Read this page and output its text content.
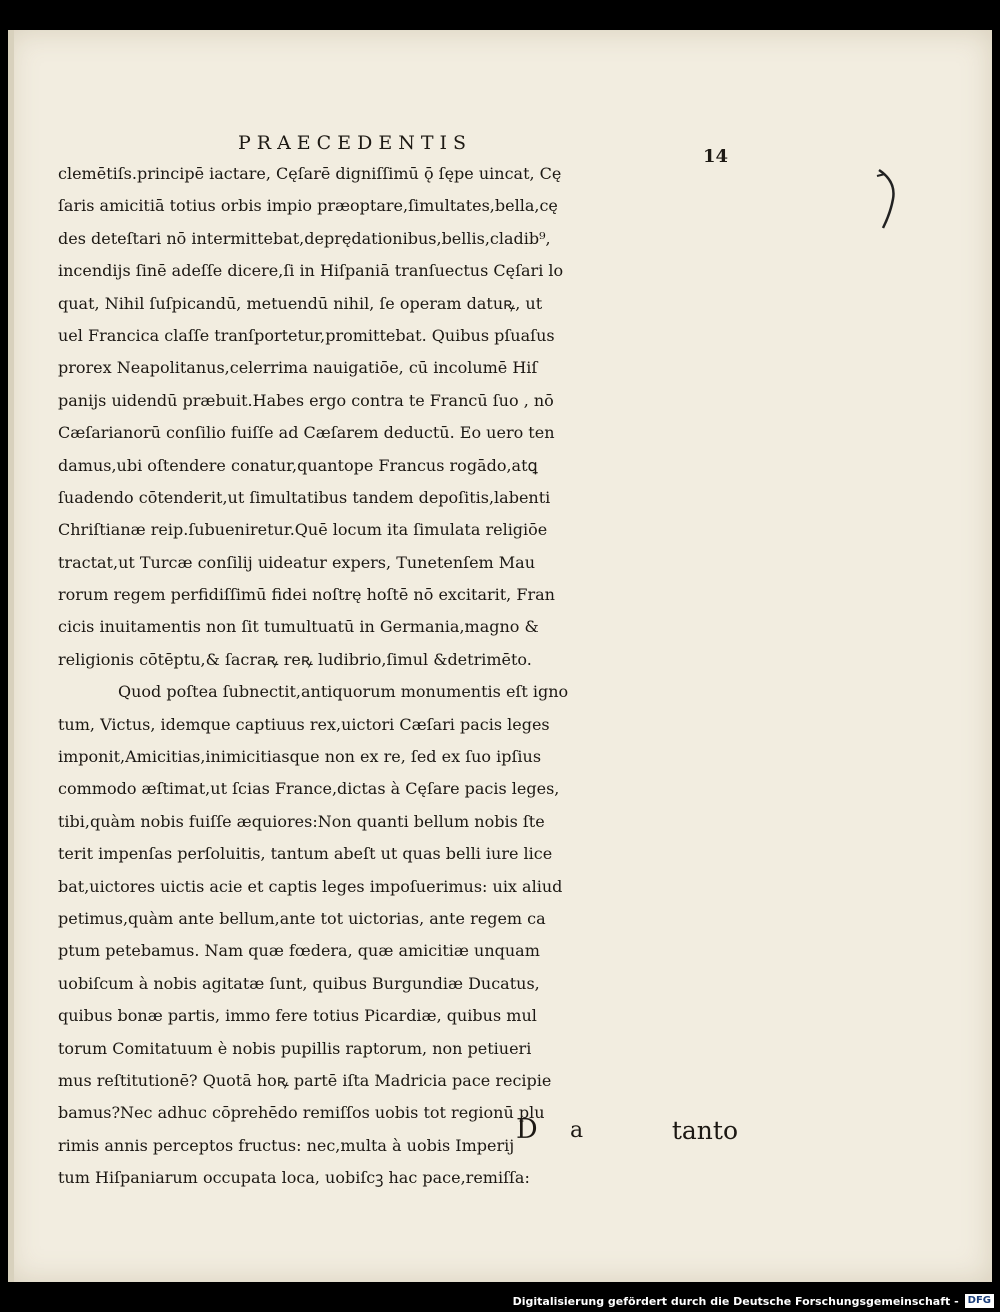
PRAECEDENTIS
14
clemētiſs.principē iactare, Cęſarē digniſſimū ǭ ſępe uincat, Cę
ſaris amicitiā totius orbis impio præoptare,ſimultates,bella,cę
des deteſtari nō intermittebat,deprędationibus,bellis,cladib⁹,
incendijs ſinē adeſſe dicere,ſi in Hiſpaniā tranſuectus Cęſari lo
quat, Nihil ſuſpicandū, metuendū nihil, ſe operam datuꝶ, ut
uel Francica claſſe tranſportetur,promittebat. Quibus pſuaſus
prorex Neapolitanus,celerrima nauigatiōe, cū incolumē Hiſ
panijs uidendū præbuit.Habes ergo contra te Francū ſuo , nō
Cæſarianorū conſilio fuiſſe ad Cæſarem deductū. Eo uero ten
damus,ubi oſtendere conatur,quantope Francus rogādo,atꝗ
ſuadendo cōtenderit,ut ſimultatibus tandem depoſitis,labenti
Chriſtianæ reip.ſubueniretur.Quē locum ita ſimulata religiōe
tractat,ut Turcæ conſilij uideatur expers, Tunetenſem Mau
rorum regem perfidiſſimū fidei noſtrę hoſtē nō excitarit, Fran
cicis inuitamentis non ſit tumultuatū in Germania,magno &
religionis cōtēptu,& ſacraꝶ reꝶ ludibrio,ſimul &detrimēto.
Quod poſtea ſubnectit,antiquorum monumentis eſt igno
tum, Victus, idemque captiuus rex,uictori Cæſari pacis leges
imponit,Amicitias,inimicitiasque non ex re, ſed ex ſuo ipſius
commodo æſtimat,ut ſcias France,dictas à Cęſare pacis leges,
tibi,quàm nobis fuiſſe æquiores:Non quanti bellum nobis ſte
terit impenſas perſoluitis, tantum abeſt ut quas belli iure lice
bat,uictores uictis acie et captis leges impoſuerimus: uix aliud
petimus,quàm ante bellum,ante tot uictorias, ante regem ca
ptum petebamus. Nam quæ fœdera, quæ amicitiæ unquam
uobiſcum à nobis agitatæ ſunt, quibus Burgundiæ Ducatus,
quibus bonæ partis, immo fere totius Picardiæ, quibus mul
torum Comitatuum è nobis pupillis raptorum, non petiueri
mus reſtitutionē? Quotā hoꝶ partē iſta Madricia pace recipie
bamus?Nec adhuc cōprehēdo remiſſos uobis tot regionū plu
rimis annis perceptos fructus: nec,multa à uobis Imperij
tum Hiſpaniarum occupata loca, uobiſcꝫ hac pace,remiſſa:
D a	tanto
Digitalisierung gefördert durch die Deutsche Forschungsgemeinschaft - DFG
